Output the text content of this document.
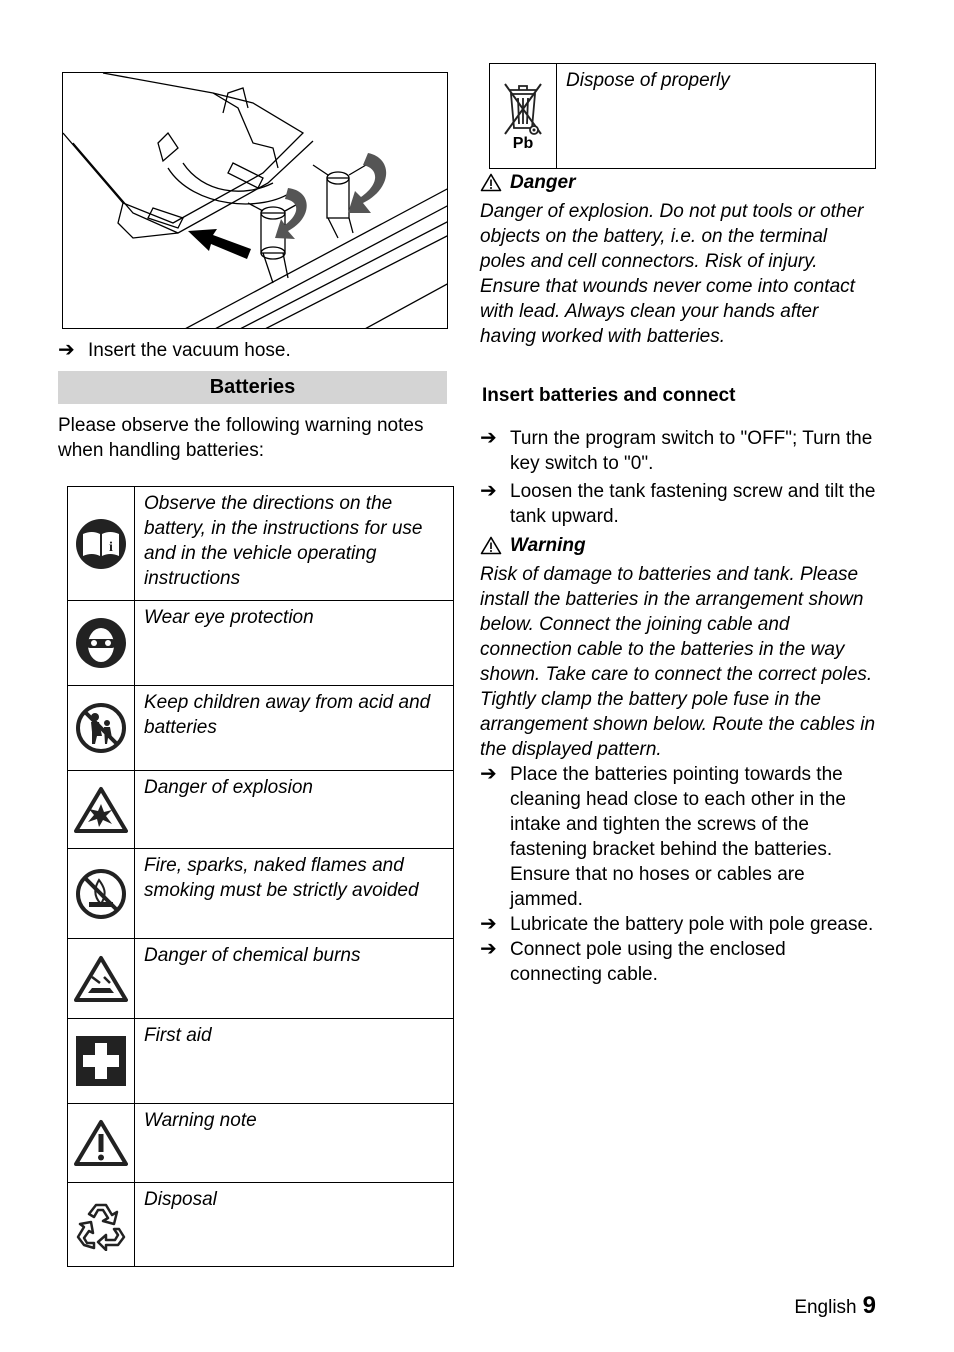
➔ Insert the vacuum hose.
Batteries
Please observe the following warning notes when handling batteries:
i	Observe the directions on the battery, in the instructions for use and in the vehicle operating instructions

	Wear eye protection

	Keep children away from acid and batteries

	Danger of explosion

	Fire, sparks, naked flames and smoking must be strictly avoided

	Danger of chemical burns

	First aid

	Warning note

	Disposal
Pb
	Dispose of properly
Danger
Danger of explosion. Do not put tools or other objects on the battery, i.e. on the terminal poles and cell connectors. Risk of injury. Ensure that wounds never come into contact with lead. Always clean your hands after having worked with batteries.
Insert batteries and connect
➔ Turn the program switch to "OFF"; Turn the key switch to "0".
➔ Loosen the tank fastening screw and tilt the tank upward.
Warning
Risk of damage to batteries and tank. Please install the batteries in the arrangement shown below. Connect the joining cable and connection cable to the batteries in the way shown. Take care to connect the correct poles. Tightly clamp the battery pole fuse in the arrangement shown below. Route the cables in the displayed pattern.
➔ Place the batteries pointing towards the cleaning head close to each other in the intake and tighten the screws of the fastening bracket behind the batteries. Ensure that no hoses or cables are jammed.
➔ Lubricate the battery pole with pole grease.
➔ Connect pole using the enclosed connecting cable.
English 9
